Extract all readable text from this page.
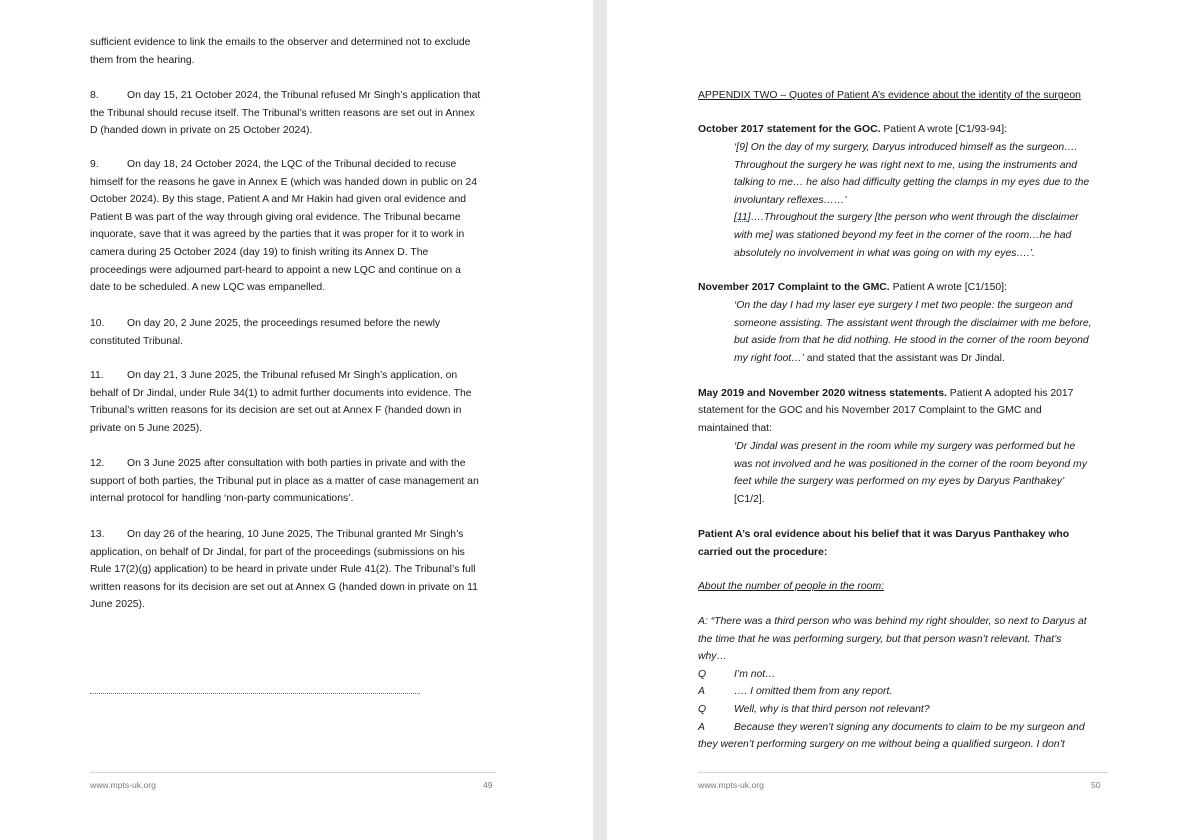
sufficient evidence to link the emails to the observer and determined not to exclude
them from the hearing.
8.	On day 15, 21 October 2024, the Tribunal refused Mr Singh’s application that
the Tribunal should recuse itself. The Tribunal’s written reasons are set out in Annex
D (handed down in private on 25 October 2024).
9.	On day 18, 24 October 2024, the LQC of the Tribunal decided to recuse
himself for the reasons he gave in Annex E (which was handed down in public on 24
October 2024). By this stage, Patient A and Mr Hakin had given oral evidence and
Patient B was part of the way through giving oral evidence. The Tribunal became
inquorate, save that it was agreed by the parties that it was proper for it to work in
camera during 25 October 2024 (day 19) to finish writing its Annex D. The
proceedings were adjourned part-heard to appoint a new LQC and continue on a
date to be scheduled. A new LQC was empanelled.
10.	On day 20, 2 June 2025, the proceedings resumed before the newly
constituted Tribunal.
11.	On day 21, 3 June 2025, the Tribunal refused Mr Singh’s application, on
behalf of Dr Jindal, under Rule 34(1) to admit further documents into evidence. The
Tribunal’s written reasons for its decision are set out at Annex F (handed down in
private on 5 June 2025).
12.	On 3 June 2025 after consultation with both parties in private and with the
support of both parties, the Tribunal put in place as a matter of case management an
internal protocol for handling ‘non-party communications’.
13.	On day 26 of the hearing, 10 June 2025, The Tribunal granted Mr Singh’s
application, on behalf of Dr Jindal, for part of the proceedings (submissions on his
Rule 17(2)(g) application) to be heard in private under Rule 41(2). The Tribunal’s full
written reasons for its decision are set out at Annex G (handed down in private on 11
June 2025).
www.mpts-uk.org	49
APPENDIX TWO – Quotes of Patient A’s evidence about the identity of the surgeon
October 2017 statement for the GOC. Patient A wrote [C1/93-94]:
‘[9] On the day of my surgery, Daryus introduced himself as the surgeon….
Throughout the surgery he was right next to me, using the instruments and
talking to me… he also had difficulty getting the clamps in my eyes due to the
involuntary reflexes……’
[11]….Throughout the surgery [the person who went through the disclaimer
with me] was stationed beyond my feet in the corner of the room…he had
absolutely no involvement in what was going on with my eyes….’.
November 2017 Complaint to the GMC. Patient A wrote [C1/150]:
‘On the day I had my laser eye surgery I met two people: the surgeon and
someone assisting. The assistant went through the disclaimer with me before,
but aside from that he did nothing. He stood in the corner of the room beyond
my right foot…’ and stated that the assistant was Dr Jindal.
May 2019 and November 2020 witness statements. Patient A adopted his 2017
statement for the GOC and his November 2017 Complaint to the GMC and
maintained that:
‘Dr Jindal was present in the room while my surgery was performed but he
was not involved and he was positioned in the corner of the room beyond my
feet while the surgery was performed on my eyes by Daryus Panthakey’
[C1/2].
Patient A’s oral evidence about his belief that it was Daryus Panthakey who
carried out the procedure:
About the number of people in the room:
A: “There was a third person who was behind my right shoulder, so next to Daryus at
the time that he was performing surgery, but that person wasn’t relevant. That’s
why…
Q	I’m not…
A	…. I omitted them from any report.
Q	Well, why is that third person not relevant?
A	Because they weren’t signing any documents to claim to be my surgeon and
they weren’t performing surgery on me without being a qualified surgeon. I don’t
www.mpts-uk.org	50
